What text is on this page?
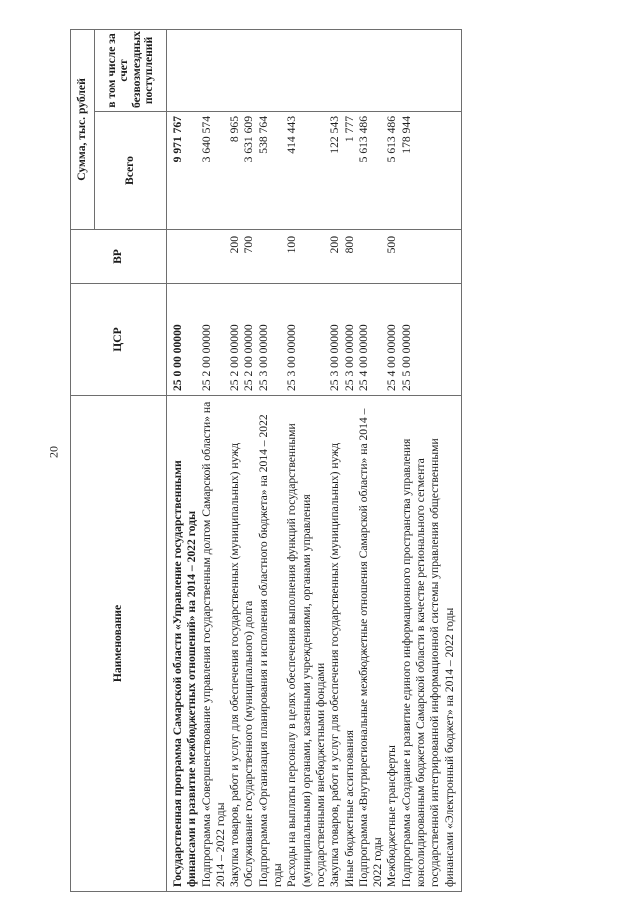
20
Наименование	ЦСР	ВР	Сумма, тыс. рублей	
			Всего	в том числе за счет безвозмездных поступлений
Государственная программа Самарской области «Управление государственными финансами и развитие межбюджетных отношений» на 2014 – 2022 годы	25 0 00 00000		9 971 767	
Подпрограмма «Совершенствование управления государственным долгом Самарской области» на 2014 – 2022 годы	25 2 00 00000		3 640 574	
Закупка товаров, работ и услуг для обеспечения государственных (муниципальных) нужд	25 2 00 00000	200	8 965	
Обслуживание государственного (муниципального) долга	25 2 00 00000	700	3 631 609	
Подпрограмма «Организация планирования и исполнения областного бюджета» на 2014 – 2022 годы	25 3 00 00000		538 764	
Расходы на выплаты персоналу в целях обеспечения выполнения функций государственными (муниципальными) органами, казенными учреждениями, органами управления государственными внебюджетными фондами	25 3 00 00000	100	414 443	
Закупка товаров, работ и услуг для обеспечения государственных (муниципальных) нужд	25 3 00 00000	200	122 543	
Иные бюджетные ассигнования	25 3 00 00000	800	1 777	
Подпрограмма «Внутрирегиональные межбюджетные отношения Самарской области» на 2014 – 2022 годы	25 4 00 00000		5 613 486	
Межбюджетные трансферты	25 4 00 00000	500	5 613 486	
Подпрограмма «Создание и развитие единого информационного пространства управления консолидированным бюджетом Самарской области в качестве регионального сегмента государственной интегрированной информационной системы управления общественными финансами «Электронный бюджет» на 2014 – 2022 годы	25 5 00 00000		178 944	
